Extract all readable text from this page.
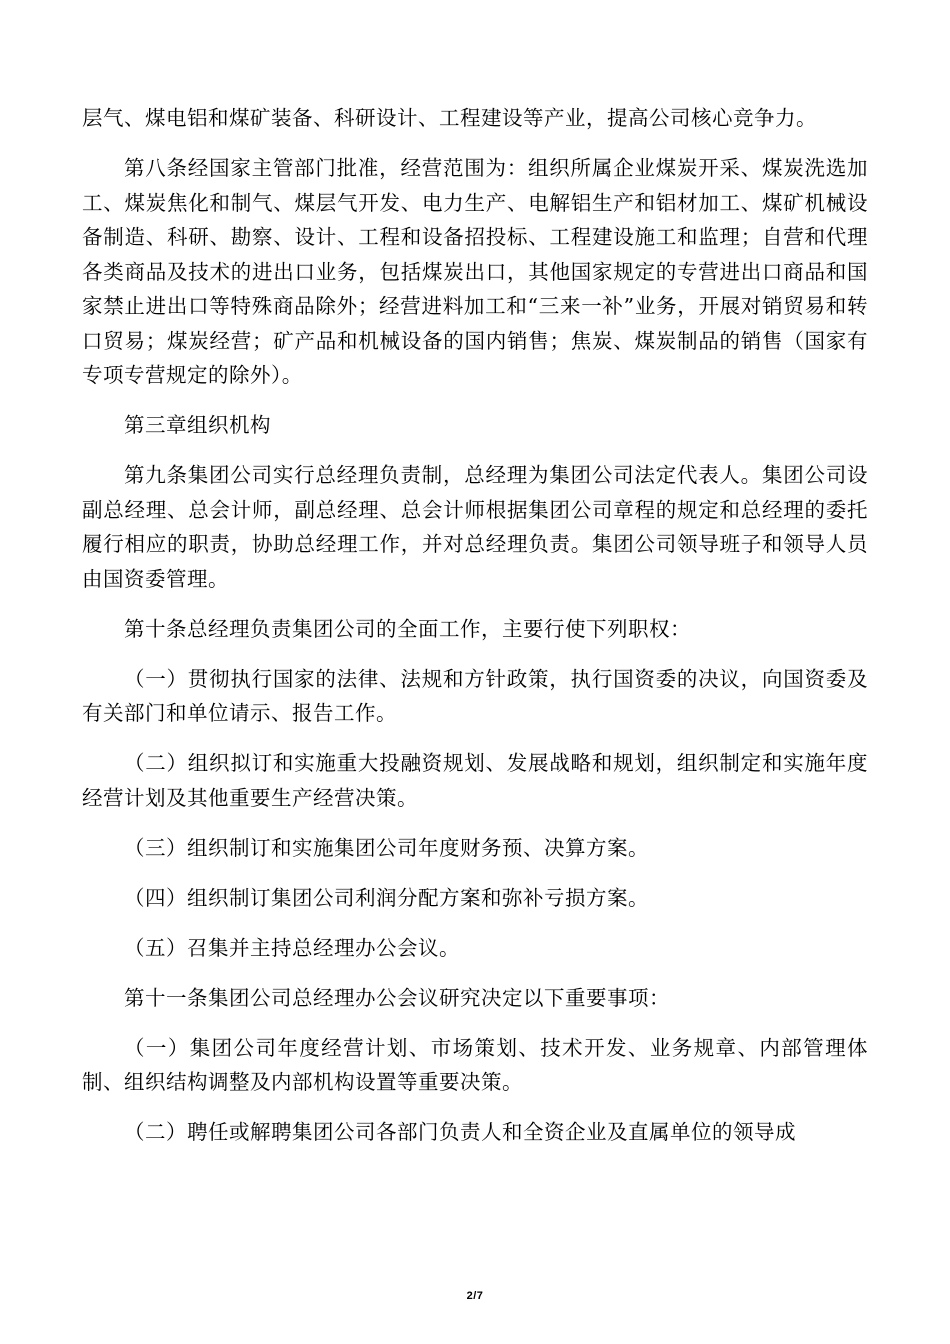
层气、煤电铝和煤矿装备、科研设计、工程建设等产业，提高公司核心竞争力。

第八条经国家主管部门批准，经营范围为：组织所属企业煤炭开采、煤炭洗选加工、煤炭焦化和制气、煤层气开发、电力生产、电解铝生产和铝材加工、煤矿机械设备制造、科研、勘察、设计、工程和设备招投标、工程建设施工和监理；自营和代理各类商品及技术的进出口业务，包括煤炭出口，其他国家规定的专营进出口商品和国家禁止进出口等特殊商品除外；经营进料加工和“三来一补”业务，开展对销贸易和转口贸易；煤炭经营；矿产品和机械设备的国内销售；焦炭、煤炭制品的销售（国家有专项专营规定的除外）。

第三章组织机构

第九条集团公司实行总经理负责制，总经理为集团公司法定代表人。集团公司设副总经理、总会计师，副总经理、总会计师根据集团公司章程的规定和总经理的委托履行相应的职责，协助总经理工作，并对总经理负责。集团公司领导班子和领导人员由国资委管理。

第十条总经理负责集团公司的全面工作，主要行使下列职权：

（一）贯彻执行国家的法律、法规和方针政策，执行国资委的决议，向国资委及有关部门和单位请示、报告工作。

（二）组织拟订和实施重大投融资规划、发展战略和规划，组织制定和实施年度经营计划及其他重要生产经营决策。

（三）组织制订和实施集团公司年度财务预、决算方案。

（四）组织制订集团公司利润分配方案和弥补亏损方案。

（五）召集并主持总经理办公会议。

第十一条集团公司总经理办公会议研究决定以下重要事项：

（一）集团公司年度经营计划、市场策划、技术开发、业务规章、内部管理体制、组织结构调整及内部机构设置等重要决策。

（二）聘任或解聘集团公司各部门负责人和全资企业及直属单位的领导成

2/7
